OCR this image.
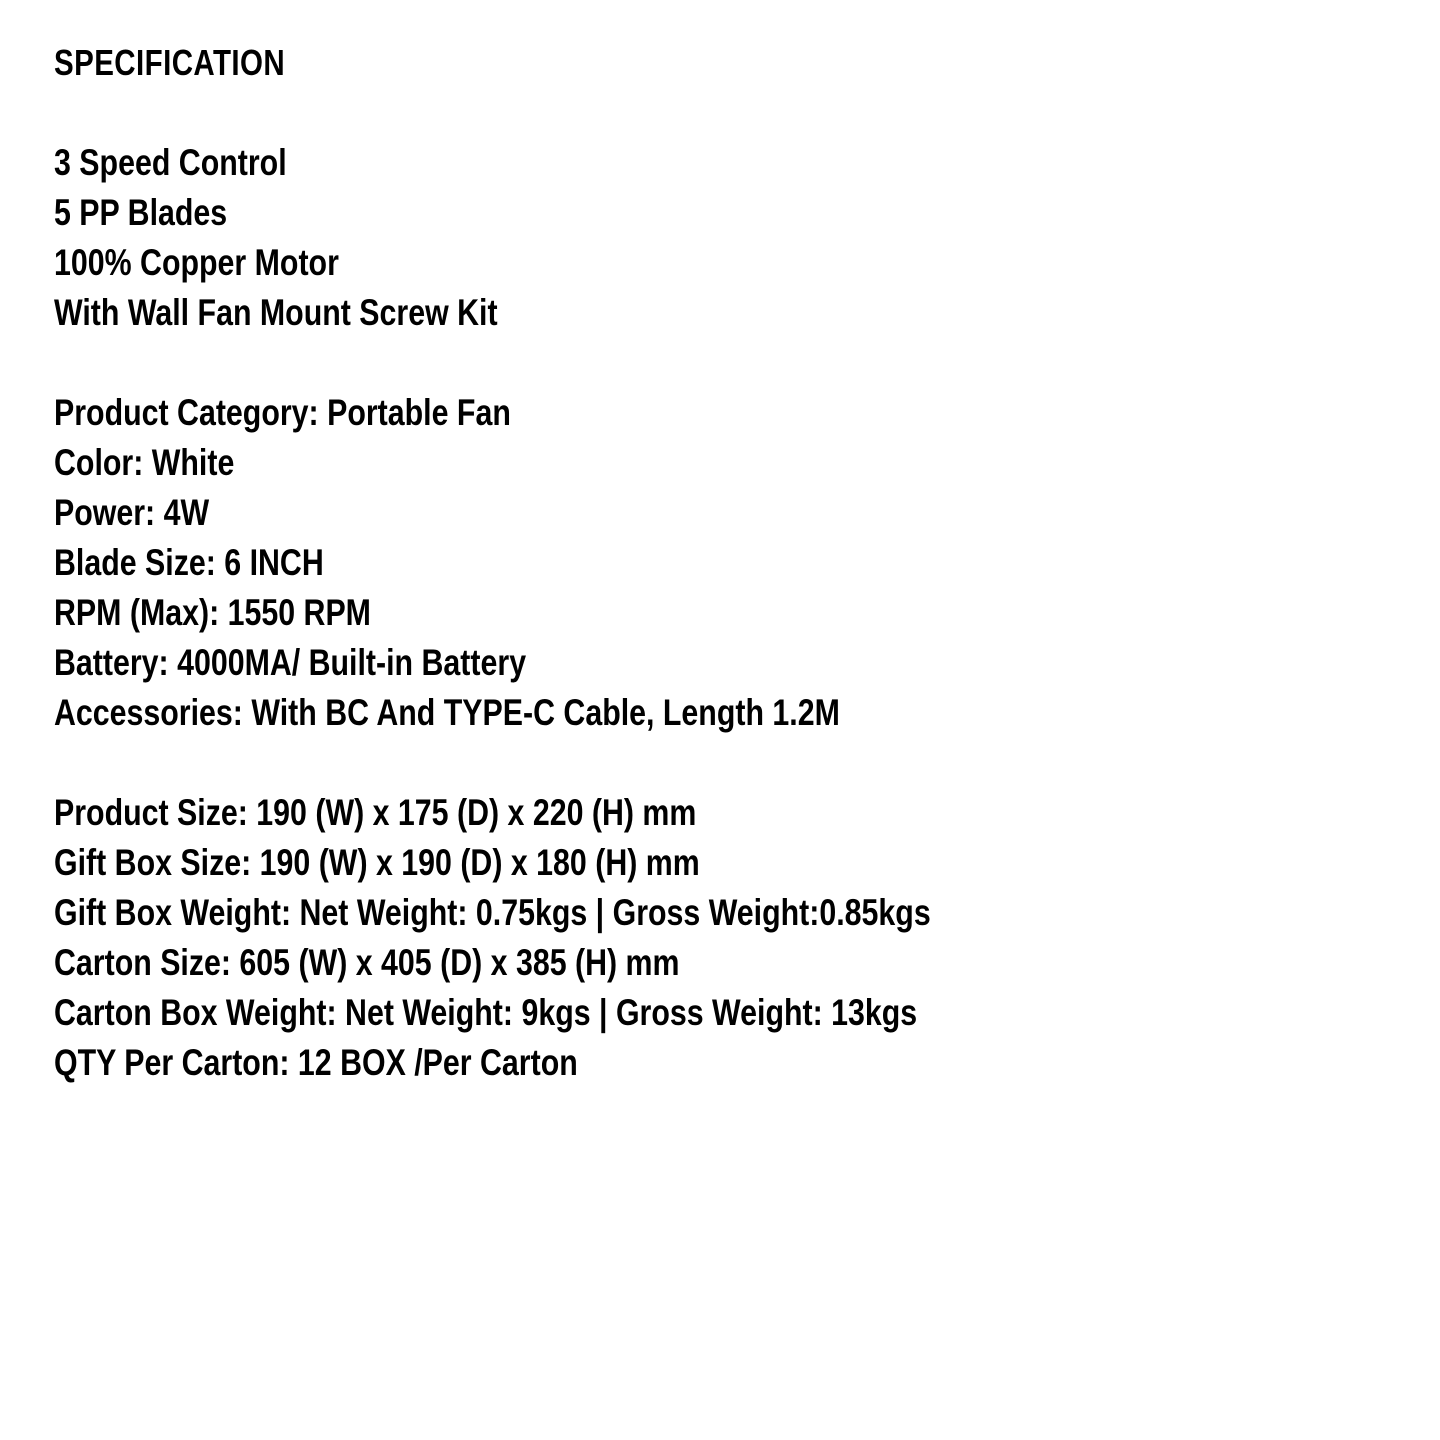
SPECIFICATION
3 Speed Control
5 PP Blades
100% Copper Motor
With Wall Fan Mount Screw Kit
Product Category: Portable Fan
Color: White
Power: 4W
Blade Size: 6 INCH
RPM (Max): 1550 RPM
Battery: 4000MA/ Built-in Battery
Accessories: With BC And TYPE-C Cable, Length 1.2M
Product Size: 190 (W) x 175 (D) x 220 (H) mm
Gift Box Size: 190 (W) x 190 (D) x 180 (H) mm
Gift Box Weight: Net Weight: 0.75kgs | Gross Weight:0.85kgs
Carton Size: 605 (W) x 405 (D) x 385 (H) mm
Carton Box Weight: Net Weight: 9kgs | Gross Weight: 13kgs
QTY Per Carton: 12 BOX /Per Carton
